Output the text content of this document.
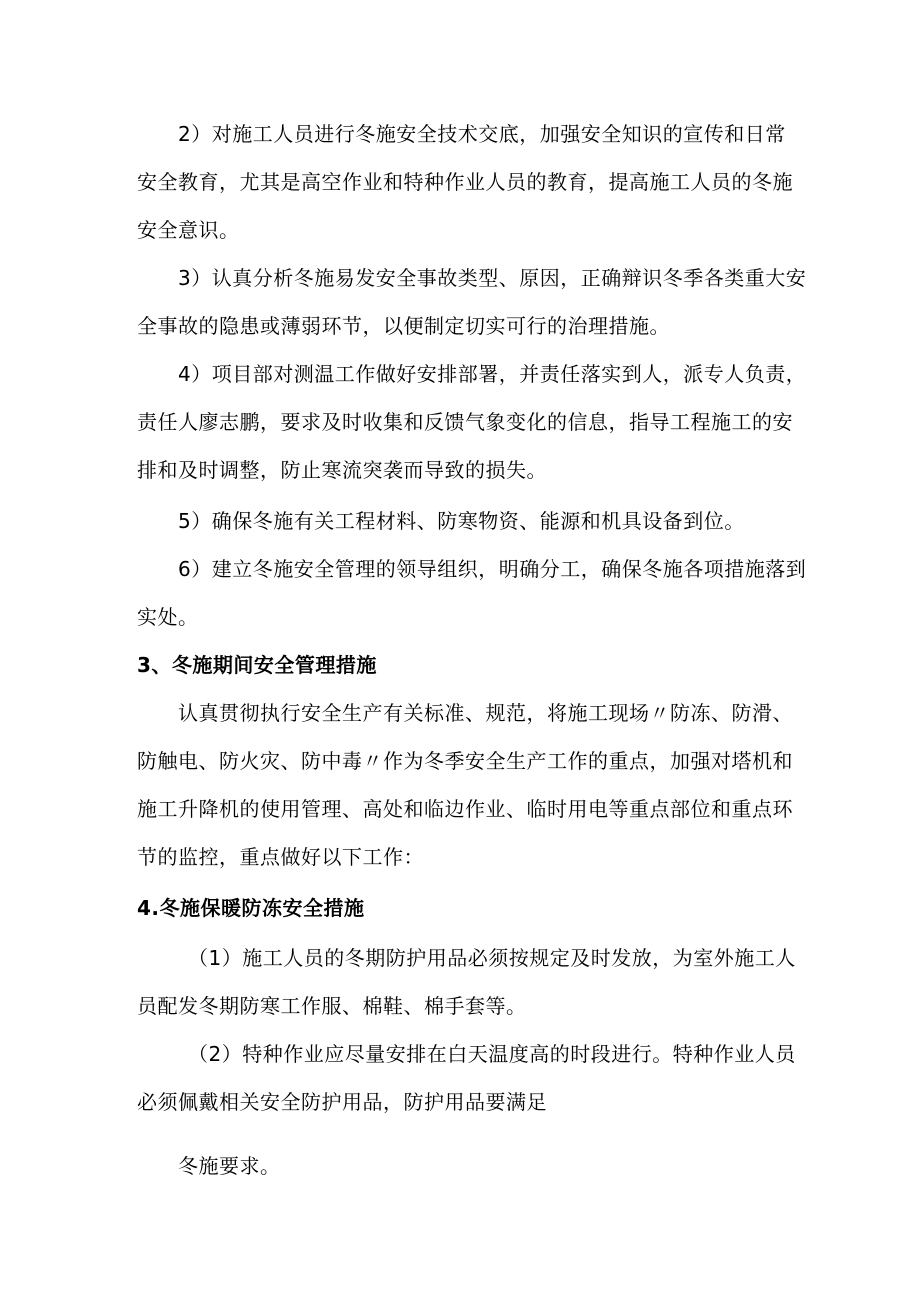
2）对施工人员进行冬施安全技术交底，加强安全知识的宣传和日常
安全教育，尤其是高空作业和特种作业人员的教育，提高施工人员的冬施
安全意识。
3）认真分析冬施易发安全事故类型、原因，正确辩识冬季各类重大安
全事故的隐患或薄弱环节，以便制定切实可行的治理措施。
4）项目部对测温工作做好安排部署，并责任落实到人，派专人负责，
责任人廖志鹏，要求及时收集和反馈气象变化的信息，指导工程施工的安
排和及时调整，防止寒流突袭而导致的损失。
5）确保冬施有关工程材料、防寒物资、能源和机具设备到位。
6）建立冬施安全管理的领导组织，明确分工，确保冬施各项措施落到
实处。
3、冬施期间安全管理措施
认真贯彻执行安全生产有关标准、规范，将施工现场〃防冻、防滑、
防触电、防火灾、防中毒〃作为冬季安全生产工作的重点，加强对塔机和
施工升降机的使用管理、高处和临边作业、临时用电等重点部位和重点环
节的监控，重点做好以下工作：
4.冬施保暖防冻安全措施
（1）施工人员的冬期防护用品必须按规定及时发放，为室外施工人
员配发冬期防寒工作服、棉鞋、棉手套等。
（2）特种作业应尽量安排在白天温度高的时段进行。特种作业人员
必须佩戴相关安全防护用品，防护用品要满足
冬施要求。
